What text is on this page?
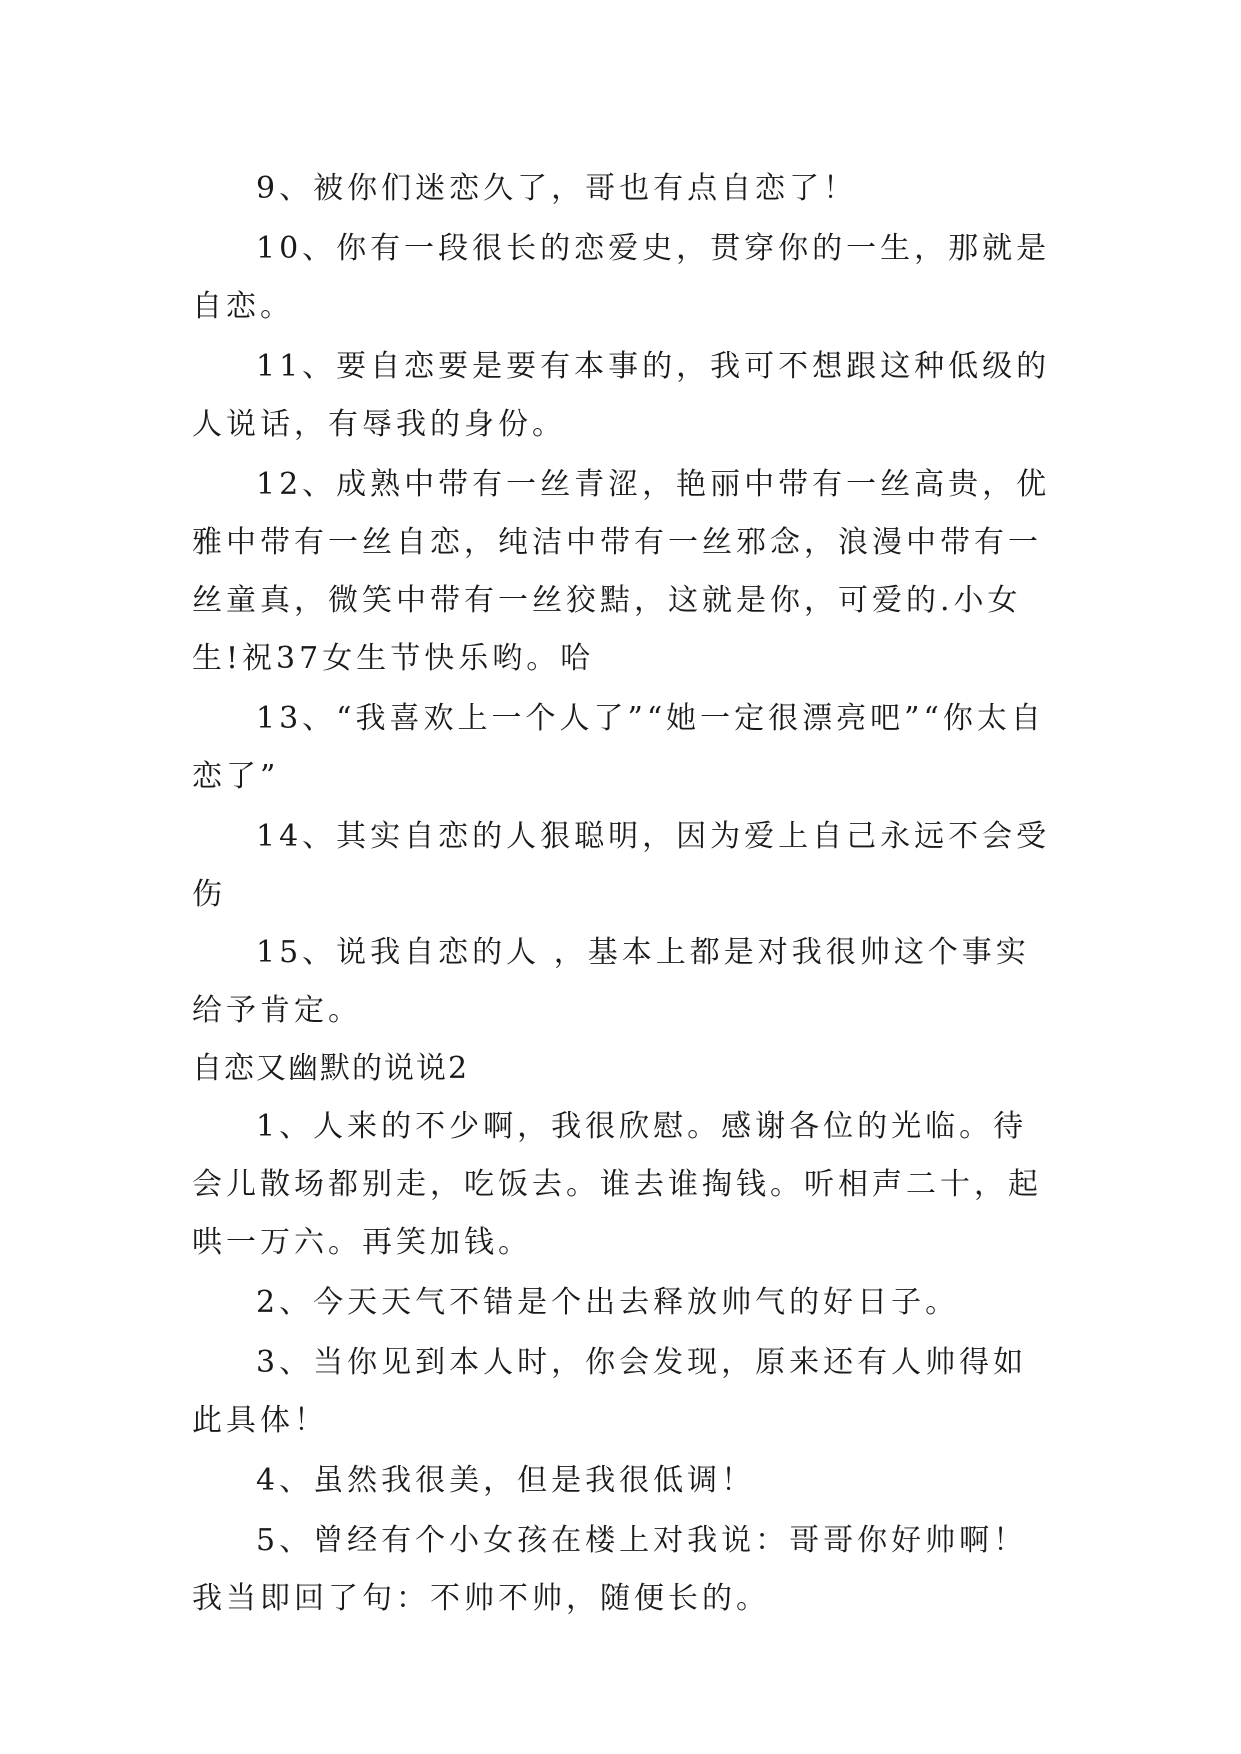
9、被你们迷恋久了，哥也有点自恋了！

10、你有一段很长的恋爱史，贯穿你的一生，那就是自恋。

11、要自恋要是要有本事的，我可不想跟这种低级的人说话，有辱我的身份。

12、成熟中带有一丝青涩，艳丽中带有一丝高贵，优雅中带有一丝自恋，纯洁中带有一丝邪念，浪漫中带有一丝童真，微笑中带有一丝狡黠，这就是你，可爱的.小女生!祝37女生节快乐哟。哈

13、“我喜欢上一个人了”“她一定很漂亮吧”“你太自恋了”

14、其实自恋的人狠聪明，因为爱上自己永远不会受伤

15、说我自恋的人 ，基本上都是对我很帅这个事实给予肯定。

自恋又幽默的说说2

1、人来的不少啊，我很欣慰。感谢各位的光临。待会儿散场都别走，吃饭去。谁去谁掏钱。听相声二十，起哄一万六。再笑加钱。

2、今天天气不错是个出去释放帅气的好日子。

3、当你见到本人时，你会发现，原来还有人帅得如此具体！

4、虽然我很美，但是我很低调！

5、曾经有个小女孩在楼上对我说：哥哥你好帅啊！我当即回了句：不帅不帅，随便长的。
